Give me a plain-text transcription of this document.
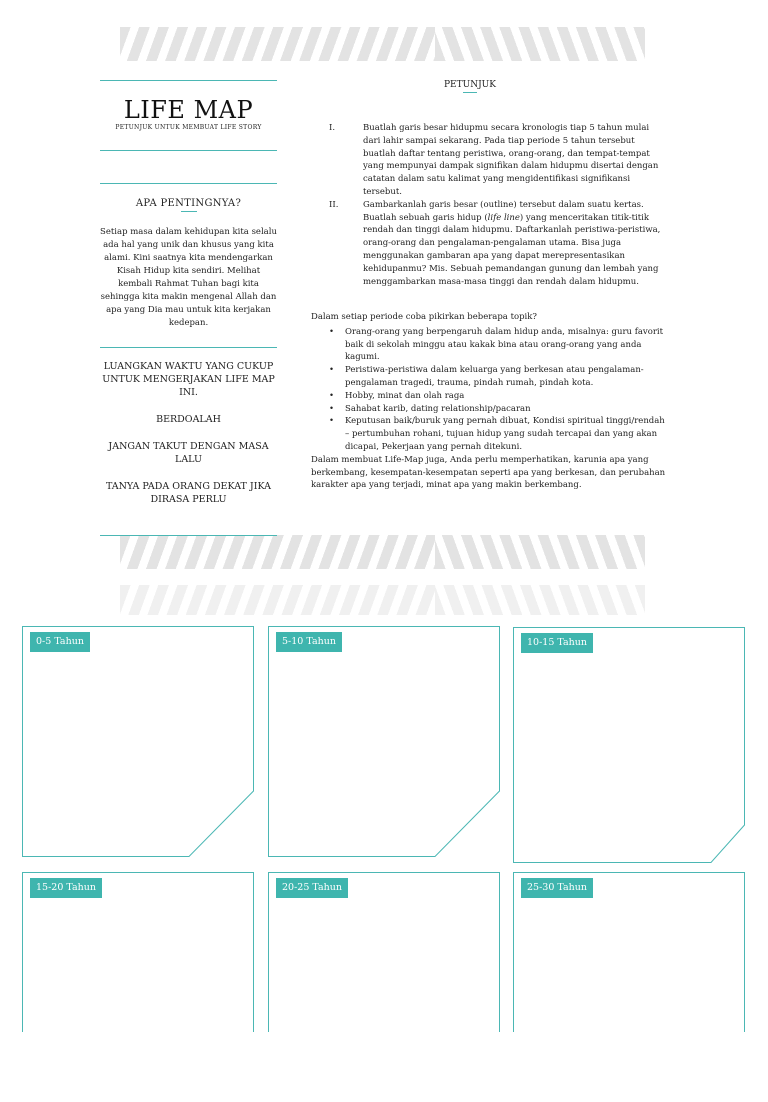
LIFE MAP
PETUNJUK UNTUK MEMBUAT LIFE STORY
APA PENTINGNYA?
Setiap masa dalam kehidupan kita selalu ada hal yang unik dan khusus yang kita alami. Kini saatnya kita mendengarkan Kisah Hidup kita sendiri. Melihat kembali Rahmat Tuhan bagi kita sehingga kita makin mengenal Allah dan apa yang Dia mau untuk kita kerjakan kedepan.

LUANGKAN WAKTU YANG CUKUP UNTUK MENGERJAKAN LIFE MAP INI.

BERDOALAH

JANGAN TAKUT DENGAN MASA LALU

TANYA PADA ORANG DEKAT JIKA DIRASA PERLU

PETUNJUK
I.	Buatlah garis besar hidupmu secara kronologis tiap 5 tahun mulai dari lahir sampai sekarang. Pada tiap periode 5 tahun tersebut buatlah daftar tentang peristiwa, orang-orang, dan tempat-tempat yang mempunyai dampak signifikan dalam hidupmu disertai dengan catatan dalam satu kalimat yang mengidentifikasi signifikansi tersebut.
II.	Gambarkanlah garis besar (outline) tersebut dalam suatu kertas. Buatlah sebuah garis hidup (life line) yang menceritakan titik-titik rendah dan tinggi dalam hidupmu. Daftarkanlah peristiwa-peristiwa, orang-orang dan pengalaman-pengalaman utama. Bisa juga menggunakan gambaran apa yang dapat merepresentasikan kehidupanmu? Mis. Sebuah pemandangan gunung dan lembah yang menggambarkan masa-masa tinggi dan rendah dalam hidupmu.
Dalam setiap periode coba pikirkan beberapa topik?
• Orang-orang yang berpengaruh dalam hidup anda, misalnya: guru favorit baik di sekolah minggu atau kakak bina atau orang-orang yang anda kagumi.
• Peristiwa-peristiwa dalam keluarga yang berkesan atau pengalaman-pengalaman tragedi, trauma, pindah rumah, pindah kota.
• Hobby, minat dan olah raga
• Sahabat karib, dating relationship/pacaran
• Keputusan baik/buruk yang pernah dibuat, Kondisi spiritual tinggi/rendah – pertumbuhan rohani, tujuan hidup yang sudah tercapai dan yang akan dicapai, Pekerjaan yang pernah ditekuni.
Dalam membuat Life-Map juga, Anda perlu memperhatikan, karunia apa yang berkembang, kesempatan-kesempatan seperti apa yang berkesan, dan perubahan karakter apa yang terjadi, minat apa yang makin berkembang.
0-5 Tahun	5-10 Tahun	10-15 Tahun
15-20 Tahun	20-25 Tahun	25-30 Tahun
